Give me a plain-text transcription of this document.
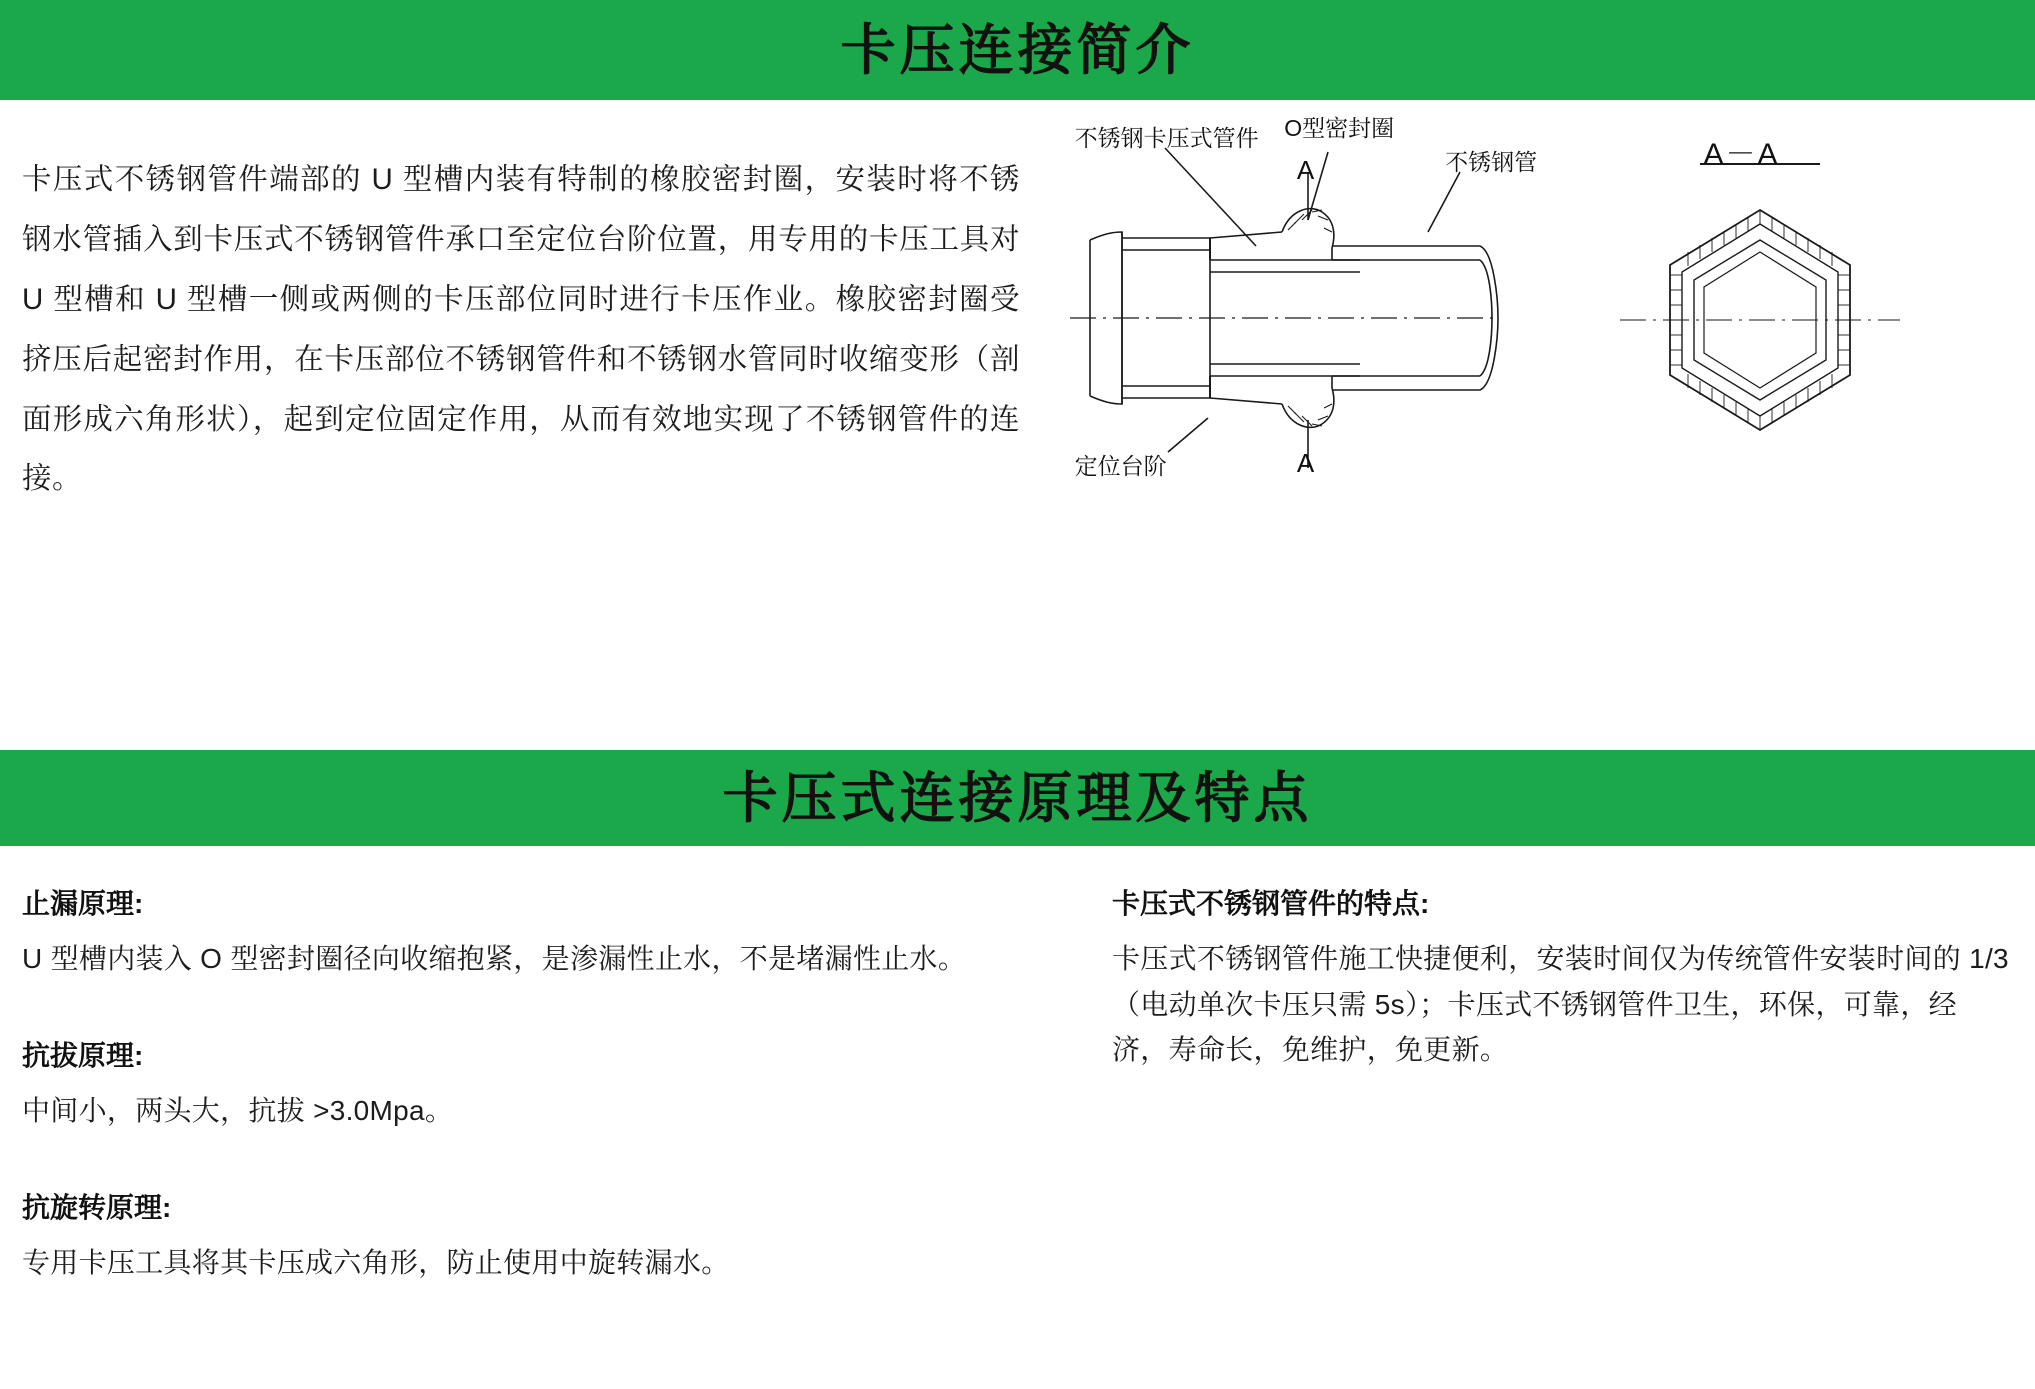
卡压连接简介
卡压式不锈钢管件端部的 U 型槽内装有特制的橡胶密封圈，安装时将不锈钢水管插入到卡压式不锈钢管件承口至定位台阶位置，用专用的卡压工具对 U 型槽和 U 型槽一侧或两侧的卡压部位同时进行卡压作业。橡胶密封圈受挤压后起密封作用，在卡压部位不锈钢管件和不锈钢水管同时收缩变形（剖面形成六角形状），起到定位固定作用，从而有效地实现了不锈钢管件的连接。
不锈钢卡压式管件 O型密封圈
不锈钢管
定位台阶
A
A
A－A
卡压式连接原理及特点
止漏原理:
U 型槽内装入 O 型密封圈径向收缩抱紧，是渗漏性止水，不是堵漏性止水。
抗拔原理:
中间小，两头大，抗拔 >3.0Mpa。
抗旋转原理:
专用卡压工具将其卡压成六角形，防止使用中旋转漏水。
卡压式不锈钢管件的特点:
卡压式不锈钢管件施工快捷便利，安装时间仅为传统管件安装时间的 1/3（电动单次卡压只需 5s）；卡压式不锈钢管件卫生，环保，可靠，经济，寿命长，免维护，免更新。
